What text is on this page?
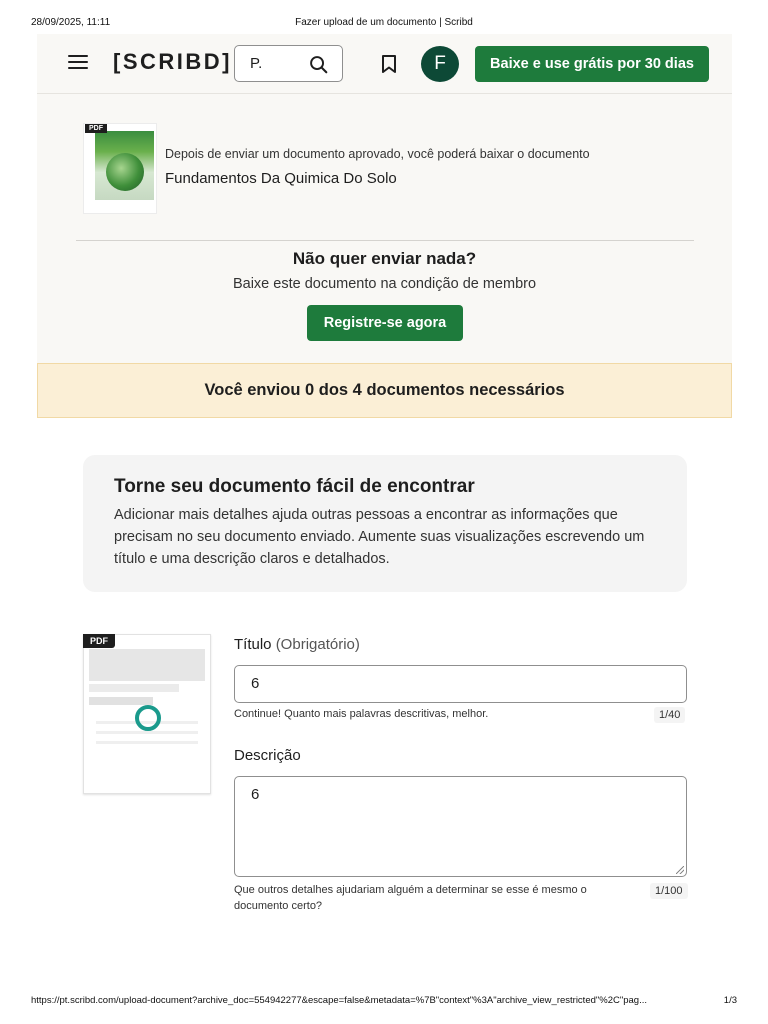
28/09/2025, 11:11	Fazer upload de um documento | Scribd
[SCRIBD] P.	F	Baixe e use grátis por 30 dias
PDF
Depois de enviar um documento aprovado, você poderá baixar o documento
Fundamentos Da Quimica Do Solo
Não quer enviar nada?
Baixe este documento na condição de membro
Registre-se agora
Você enviou 0 dos 4 documentos necessários
Torne seu documento fácil de encontrar

Adicionar mais detalhes ajuda outras pessoas a encontrar as informações que precisam no seu documento enviado. Aumente suas visualizações escrevendo um título e uma descrição claros e detalhados.

PDF	Título (Obrigatório)
6
Continue! Quanto mais palavras descritivas, melhor.	1/40
Descrição
6
Que outros detalhes ajudariam alguém a determinar se esse é mesmo o
documento certo?
1/100
https://pt.scribd.com/upload-document?archive_doc=554942277&escape=false&metadata=%7B"context"%3A"archive_view_restricted"%2C"pag...	1/3
